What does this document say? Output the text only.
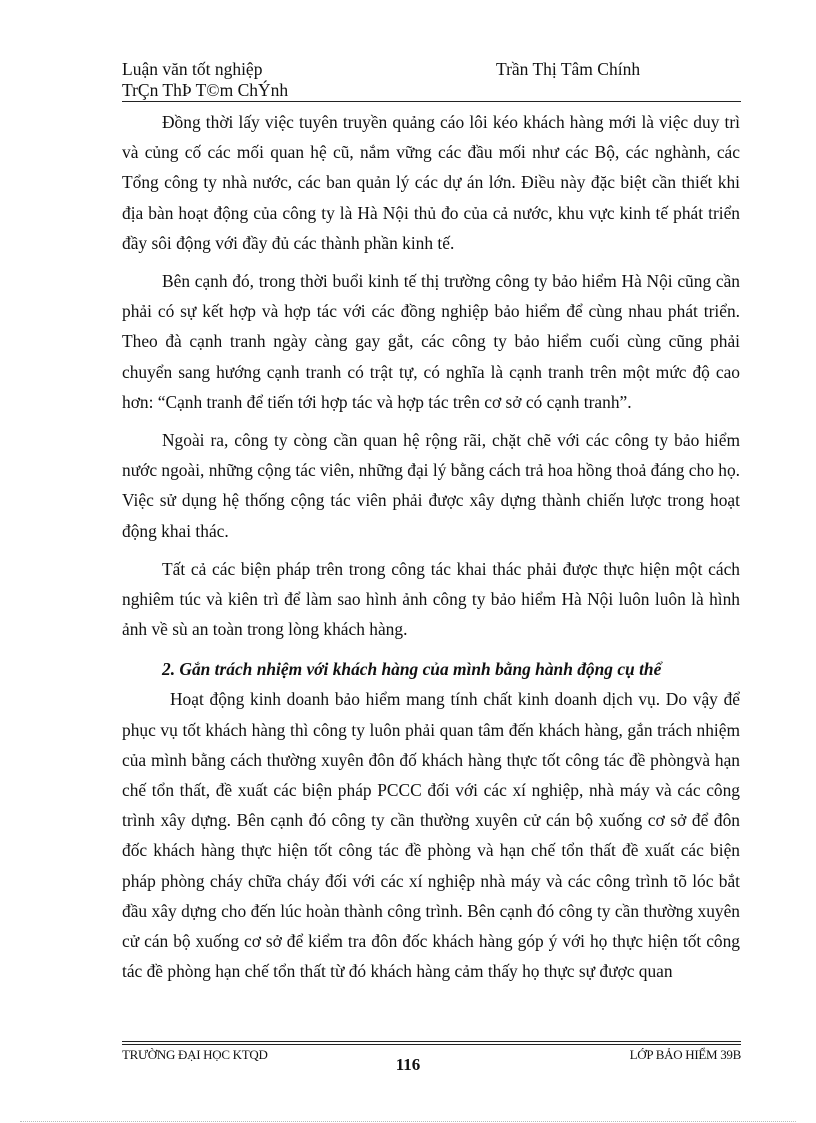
Luận văn tốt nghiệp	Trần Thị Tâm Chính
TrÇn ThÞ T©m ChÝnh

Đồng thời lấy việc tuyên truyền quảng cáo lôi kéo khách hàng mới là việc duy trì và củng cố các mối quan hệ cũ, nắm vững các đầu mối như các Bộ, các nghành, các Tổng công ty nhà nước, các ban quản lý các dự án lớn. Điều này đặc biệt cần thiết khi địa bàn hoạt động của công ty là Hà Nội thủ đo của cả nước, khu vực kinh tế phát triển đầy sôi động với đầy đủ các thành phần kinh tế.

Bên cạnh đó, trong thời buổi kinh tế thị trường công ty bảo hiểm Hà Nội cũng cần phải có sự kết hợp và hợp tác với các đồng nghiệp bảo hiểm để cùng nhau phát triển. Theo đà cạnh tranh ngày càng gay gắt, các công ty bảo hiểm cuối cùng cũng phải chuyển sang hướng cạnh tranh có trật tự, có nghĩa là cạnh tranh trên một mức độ cao hơn: “Cạnh tranh để tiến tới hợp tác và hợp tác trên cơ sở có cạnh tranh”.

Ngoài ra, công ty còng cần quan hệ rộng rãi, chặt chẽ với các công ty bảo hiểm nước ngoài, những cộng tác viên, những đại lý bằng cách trả hoa hồng thoả đáng cho họ. Việc sử dụng hệ thống cộng tác viên phải được xây dựng thành chiến lược trong hoạt động khai thác.

Tất cả các biện pháp trên trong công tác khai thác phải được thực hiện một cách nghiêm túc và kiên trì để làm sao hình ảnh công ty bảo hiểm Hà Nội luôn luôn là hình ảnh về sù an toàn trong lòng khách hàng.

2. Gắn trách nhiệm với khách hàng của mình bằng hành động cụ thể

Hoạt động kinh doanh bảo hiểm mang tính chất kinh doanh dịch vụ. Do vậy để phục vụ tốt khách hàng thì công ty luôn phải quan tâm đến khách hàng, gắn trách nhiệm của mình bằng cách thường xuyên đôn đố khách hàng thực tốt công tác đề phòngvà hạn chế tổn thất, đề xuất các biện pháp PCCC đối với các xí nghiệp, nhà máy và các công trình xây dựng. Bên cạnh đó công ty cần thường xuyên cử cán bộ xuống cơ sở để đôn đốc khách hàng thực hiện tốt công tác đề phòng và hạn chế tổn thất đề xuất các biện pháp phòng cháy chữa cháy đối với các xí nghiệp nhà máy và các công trình tõ lóc bắt đầu xây dựng cho đến lúc hoàn thành công trình. Bên cạnh đó công ty cần thường xuyên cử cán bộ xuống cơ sở để kiểm tra đôn đốc khách hàng góp ý với họ thực hiện tốt công tác đề phòng hạn chế tổn thất từ đó khách hàng cảm thấy họ thực sự được quan

TRƯỜNG ĐẠI HỌC KTQD	LỚP BẢO HIỂM 39B
116
